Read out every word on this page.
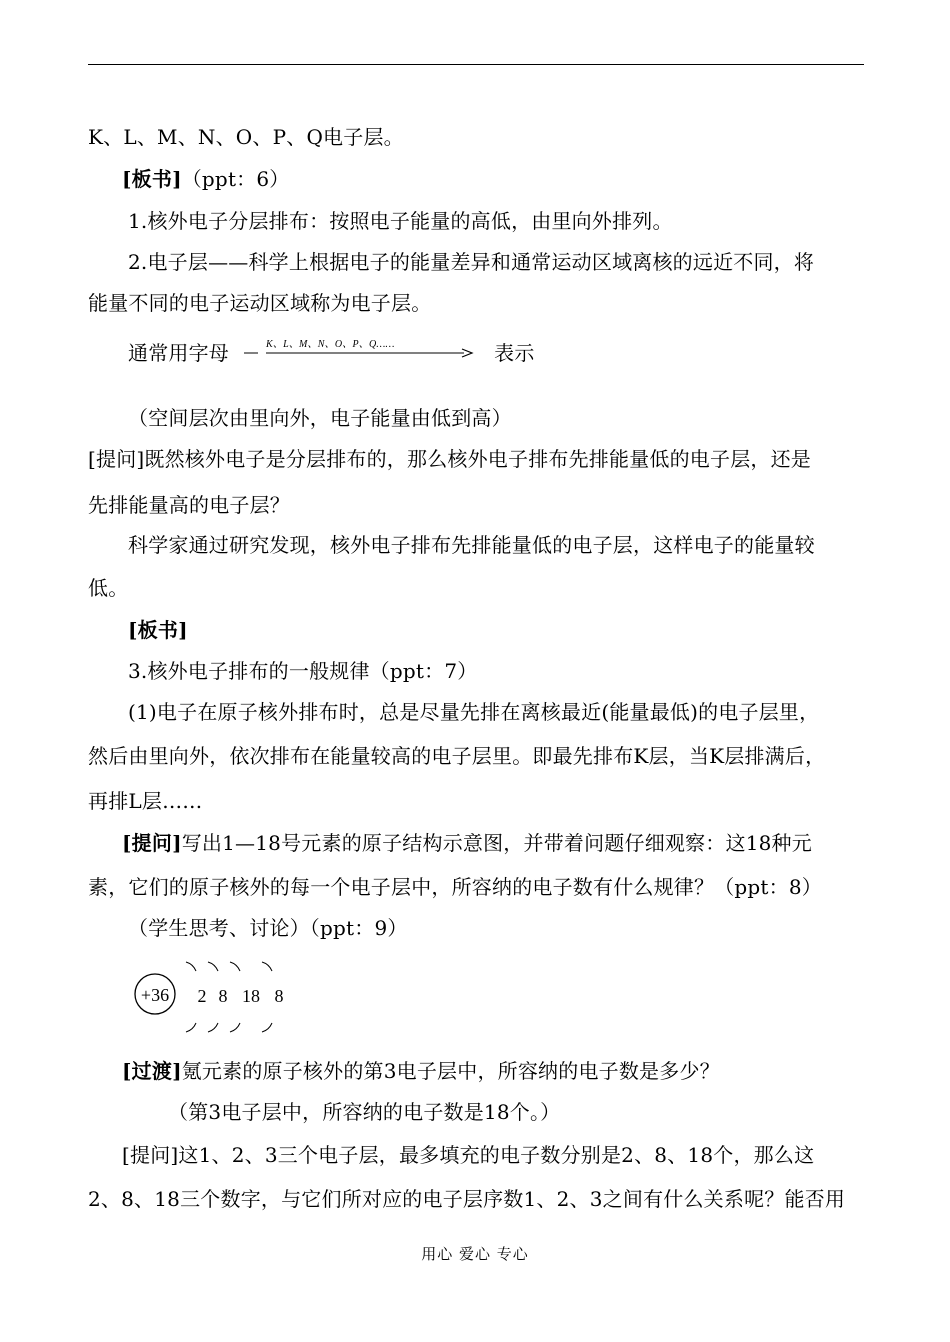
K、L、M、N、O、P、Q电子层。
[板书]（ppt：6）
1.核外电子分层排布：按照电子能量的高低，由里向外排列。
2.电子层——科学上根据电子的能量差异和通常运动区域离核的远近不同，将
能量不同的电子运动区域称为电子层。
通常用字母	K、L、M、N、O、P、Q……	表示
（空间层次由里向外，电子能量由低到高）
[提问]既然核外电子是分层排布的，那么核外电子排布先排能量低的电子层，还是
先排能量高的电子层？
科学家通过研究发现，核外电子排布先排能量低的电子层，这样电子的能量较
低。
[板书]
3.核外电子排布的一般规律（ppt：7）
(1)电子在原子核外排布时，总是尽量先排在离核最近(能量最低)的电子层里，
然后由里向外，依次排布在能量较高的电子层里。即最先排布K层，当K层排满后，
再排L层……
[提问]写出1—18号元素的原子结构示意图，并带着问题仔细观察：这18种元
素，它们的原子核外的每一个电子层中，所容纳的电子数有什么规律？（ppt：8）
（学生思考、讨论）（ppt：9）
+36 2 8 18 8
[过渡]氪元素的原子核外的第3电子层中，所容纳的电子数是多少？
（第3电子层中，所容纳的电子数是18个。）
[提问]这1、2、3三个电子层，最多填充的电子数分别是2、8、18个，那么这
2、8、18三个数字，与它们所对应的电子层序数1、2、3之间有什么关系呢？能否用
用心 爱心 专心
